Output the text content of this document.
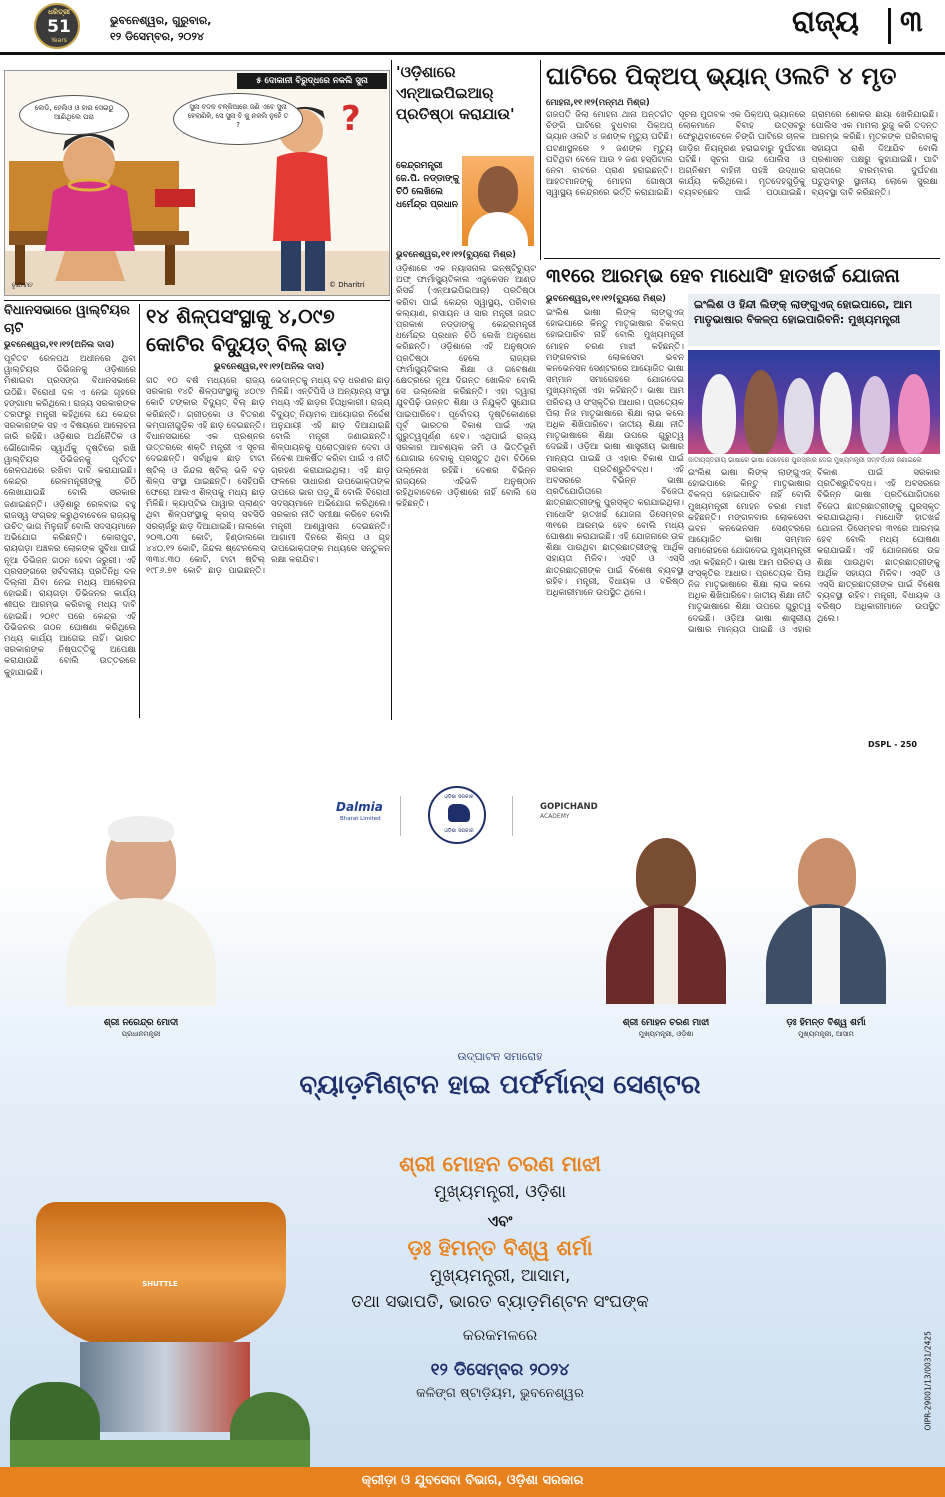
ଧରିତ୍ରୀ
51
Years
ଭୁବନେଶ୍ୱର, ଗୁରୁବାର,
୧୨ ଡିସେମ୍ବର, ୨୦୨୪	ରାଜ୍ୟ ୩
୫ ଦୋକାନୀ ବିରୁଦ୍ଧରେ ନକଲି ସୁନା
ଲେଡି, ହେଲିଓ ଓ ହାର ସେଇଠୁ ଆଣିଥିଲେ ପରା
ସୁନା ବଦଳ ବଳ୍କିଆରେ ଜଣି ଏବେ ସୁନା ହେଲାଣିକି, ସେ ସୁନା ବି କୁ ନକଲି ନୁହେଁ ତ ?	?
ବୃନ୍ଦାବନ	© Dharitri
'ଓଡ଼ିଶାରେ ଏନ୍‌ଆଇପିଇଆର୍ ପ୍ରତିଷ୍ଠା କରାଯାଉ'
କେନ୍ଦ୍ରମନ୍ତ୍ରୀ ଜେ.ପି. ନଡ୍ଡାଙ୍କୁ ଚିଠି ଲେଖିଲେ ଧର୍ମେନ୍ଦ୍ର ପ୍ରଧାନ
ଭୁବନେଶ୍ୱର,୧୧।୧୨(ବ୍ୟୁରୋ ମିଶ୍ର)
ଓଡ଼ିଶାରେ ଏକ ନ୍ୟାସନାଲ ଇନ୍‌ଷ୍ଟିଚ୍ୟୁଟ ଅଫ୍ ଫାର୍ମାସ୍ୟୁଟିକାଲ ଏଜୁକେସନ ଆଣ୍ଡ ରିସର୍ଚ୍ଚ (ଏନ୍‌ଆଇପିଇଆର୍) ପ୍ରତିଷ୍ଠା କରିବା ପାଇଁ କେନ୍ଦ୍ର ସ୍ୱାସ୍ଥ୍ୟ, ପରିବାର କଲ୍ୟାଣ, ରସାୟନ ଓ ସାର ମନ୍ତ୍ରୀ ଜଗତ ପ୍ରକାଶ ନଡ୍ଡାଙ୍କୁ କେନ୍ଦ୍ରମନ୍ତ୍ରୀ ଧର୍ମେନ୍ଦ୍ର ପ୍ରଧାନ ଚିଠି ଲେଖି ଅନୁରୋଧ କରିଛନ୍ତି। ଓଡ଼ିଶାରେ ଏହି ଅନୁଷ୍ଠାନ ପ୍ରତିଷ୍ଠା ହେଲେ ରାଜ୍ୟର ଫାର୍ମାସ୍ୟୁଟିକାଲ ଶିକ୍ଷା ଓ ଗବେଷଣା କ୍ଷେତ୍ରରେ ନୂଆ ଦିଗନ୍ତ ଖୋଲିବ ବୋଲି ସେ ଉଲ୍ଲେଖ କରିଛନ୍ତି। ଏହା ଦ୍ୱାରା ଯୁବପିଢ଼ି ଉନ୍ନତ ଶିକ୍ଷା ଓ ନିଯୁକ୍ତି ସୁଯୋଗ ପାଇପାରିବେ। ପୂର୍ବୋଦୟ ଦୃଷ୍ଟିକୋଣରେ ପୂର୍ବ ଭାରତର ବିକାଶ ପାଇଁ ଏହା ଗୁରୁତ୍ୱପୂର୍ଣ୍ଣ ହେବ। ଏଥିପାଇଁ ରାଜ୍ୟ ସରକାର ଆବଶ୍ୟକ ଜମି ଓ ଭିତ୍ତିଭୂମି ଯୋଗାଇ ଦେବାକୁ ପ୍ରସ୍ତୁତ ଥିବା ଚିଠିରେ ଉଲ୍ଲେଖ ରହିଛି। ଦେଶର ବିଭିନ୍ନ ରାଜ୍ୟରେ ଏହିଭଳି ଅନୁଷ୍ଠାନ ରହିଥିବାବେଳେ ଓଡ଼ିଶାରେ ନାହିଁ ବୋଲି ସେ କହିଛନ୍ତି।
ଘାଟିରେ ପିକ୍‌ଅପ୍ ଭ୍ୟାନ୍ ଓଲଟି ୪ ମୃତ
ମୋହନା,୧୧।୧୨(ମନ୍ମଥ ମିଶ୍ର)
ଗଜପତି ଜିଲା ମୋହନା ଥାନା ଅନ୍ତର୍ଗତ ଚିଙ୍ଗି ଘାଟିରେ ବୁଧବାର ପିକ୍‌ଅପ୍ ଭ୍ୟାନ ଓଲଟି ୪ ଜଣଙ୍କ ମୃତ୍ୟୁ ଘଟିଛି। ଘଟଣାସ୍ଥଳରେ ୨ ଜଣଙ୍କ ମୃତ୍ୟୁ ଘଟିଥିବା ବେଳେ ଆଉ ୨ ଜଣ ହସ୍ପିଟାଲ ନେବା ବାଟରେ ପ୍ରାଣ ହରାଇଛନ୍ତି। ଆହତମାନଙ୍କୁ ମୋହନା ଗୋଷ୍ଠୀ ସ୍ୱାସ୍ଥ୍ୟ କେନ୍ଦ୍ରରେ ଭର୍ତ୍ତି କରାଯାଇଛି। ସୂଚନା ମୁତାବକ ଏକ ପିକ୍‌ଅପ୍ ଭ୍ୟାନରେ ଲୋକମାନେ ବିବାହ ଉତ୍ସବରୁ ଫେରୁଥିବାବେଳେ ଚିଙ୍ଗି ଘାଟିରେ ଚାଳକ ଗାଡ଼ିର ନିୟନ୍ତ୍ରଣ ହରାଇବାରୁ ଦୁର୍ଘଟଣା ଘଟିଛି। ସୂଚନା ପାଇ ପୋଲିସ ଓ ଅଗ୍ନିଶମ ବାହିନୀ ପହଞ୍ଚି ଉଦ୍ଧାର କାର୍ଯ୍ୟ କରିଥିଲେ। ମୃତଦେହଗୁଡ଼ିକୁ ବ୍ୟବଚ୍ଛେଦ ପାଇଁ ପଠାଯାଇଛି। ଗ୍ରାମରେ ଶୋକର ଛାୟା ଖେଳିଯାଇଛି। ପୋଲିସ ଏକ ମାମଲା ରୁଜୁ କରି ତଦନ୍ତ ଆରମ୍ଭ କରିଛି। ମୃତକଙ୍କ ପରିବାରକୁ ସହାୟତା ରାଶି ଦିଆଯିବ ବୋଲି ପ୍ରଶାସନ ପକ୍ଷରୁ କୁହାଯାଇଛି। ଘାଟି ରାସ୍ତାରେ ବାରମ୍ବାର ଦୁର୍ଘଟଣା ଘଟୁଥିବାରୁ ସ୍ଥାନୀୟ ଲୋକେ ସୁରକ୍ଷା ବ୍ୟବସ୍ଥା ଦାବି କରିଛନ୍ତି।
୩୧ରେ ଆରମ୍ଭ ହେବ ମାଧୋସିଂ ହାତଖର୍ଚ୍ଚ ଯୋଜନା
ଭୁବନେଶ୍ୱର,୧୧।୧୨(ବ୍ୟୁରୋ ମିଶ୍ର)	ଇଂଲିଶ ଓ ହିନ୍ଦୀ ଲିଙ୍କ୍ ଲାଙ୍ଗୁଏଜ୍ ହୋଇପାରେ, ଆମ ମାତୃଭାଷାର ବିକଳ୍ପ ହୋଇପାରିବନି: ମୁଖ୍ୟମନ୍ତ୍ରୀ
ଇଂଲିଶ ଭାଷା ଲିଙ୍କ୍ ଲାଙ୍ଗୁଏଜ୍ ହୋଇପାରେ କିନ୍ତୁ ମାତୃଭାଷାର ବିକଳ୍ପ ହୋଇପାରିବ ନାହିଁ ବୋଲି ମୁଖ୍ୟମନ୍ତ୍ରୀ ମୋହନ ଚରଣ ମାଝୀ କହିଛନ୍ତି। ମଙ୍ଗଳବାର ଲୋକସେବା ଭବନ କନଭେନସନ ସେଣ୍ଟରରେ ଆୟୋଜିତ ଭାଷା ସମ୍ମାନ ସମାରୋହରେ ଯୋଗଦେଇ ମୁଖ୍ୟମନ୍ତ୍ରୀ ଏହା କହିଛନ୍ତି। ଭାଷା ଆମ ପରିଚୟ ଓ ସଂସ୍କୃତିର ଆଧାର। ପ୍ରତ୍ୟେକ ପିଲା ନିଜ ମାତୃଭାଷାରେ ଶିକ୍ଷା ଲାଭ କଲେ ଅଧିକ ଶିଖିପାରିବେ। ଜାତୀୟ ଶିକ୍ଷା ନୀତି ମାତୃଭାଷାରେ ଶିକ୍ଷା ଉପରେ ଗୁରୁତ୍ୱ ଦେଇଛି। ଓଡ଼ିଆ ଭାଷା ଶାସ୍ତ୍ରୀୟ ଭାଷାର ମାନ୍ୟତା ପାଇଛି ଓ ଏହାର ବିକାଶ ପାଇଁ ସରକାର ପ୍ରତିଶ୍ରୁତିବଦ୍ଧ। ଏହି ଅବସରରେ ବିଭିନ୍ନ ଭାଷା ପ୍ରତିଯୋଗିତାରେ ବିଜେତା ଛାତ୍ରଛାତ୍ରୀଙ୍କୁ ପୁରସ୍କୃତ କରାଯାଇଥିଲା। ମାଧୋସିଂ ହାତଖର୍ଚ୍ଚ ଯୋଜନା ଡିସେମ୍ବର ୩୧ରେ ଆରମ୍ଭ ହେବ ବୋଲି ମଧ୍ୟ ଘୋଷଣା କରାଯାଇଛି। ଏହି ଯୋଜନାରେ ଉଚ୍ଚ ଶିକ୍ଷା ପାଉଥିବା ଛାତ୍ରଛାତ୍ରୀଙ୍କୁ ଆର୍ଥିକ ସହାୟତା ମିଳିବ। ଏସ୍‌ଟି ଓ ଏସ୍‌ସି ଛାତ୍ରଛାତ୍ରୀଙ୍କ ପାଇଁ ବିଶେଷ ବ୍ୟବସ୍ଥା ରହିବ। ମନ୍ତ୍ରୀ, ବିଧାୟକ ଓ ବରିଷ୍ଠ ଅଧିକାରୀମାନେ ଉପସ୍ଥିତ ଥିଲେ।
ଜାତୀୟସ୍ତରୀୟ ଭାଷାରେ ଭାଷା ସେବେରେ ପୁରସ୍କାର ଦେଇ ମୁଖ୍ୟମନ୍ତ୍ରୀ ସମ୍ବର୍ଦ୍ଧନା ଜଣାଇଲେ
ଇଂଲିଶ ଭାଷା ଲିଙ୍କ୍ ଲାଙ୍ଗୁଏଜ୍ ହୋଇପାରେ କିନ୍ତୁ ମାତୃଭାଷାର ବିକଳ୍ପ ହୋଇପାରିବ ନାହିଁ ବୋଲି ମୁଖ୍ୟମନ୍ତ୍ରୀ ମୋହନ ଚରଣ ମାଝୀ କହିଛନ୍ତି। ମଙ୍ଗଳବାର ଲୋକସେବା ଭବନ କନଭେନସନ ସେଣ୍ଟରରେ ଆୟୋଜିତ ଭାଷା ସମ୍ମାନ ସମାରୋହରେ ଯୋଗଦେଇ ମୁଖ୍ୟମନ୍ତ୍ରୀ ଏହା କହିଛନ୍ତି। ଭାଷା ଆମ ପରିଚୟ ଓ ସଂସ୍କୃତିର ଆଧାର। ପ୍ରତ୍ୟେକ ପିଲା ନିଜ ମାତୃଭାଷାରେ ଶିକ୍ଷା ଲାଭ କଲେ ଅଧିକ ଶିଖିପାରିବେ। ଜାତୀୟ ଶିକ୍ଷା ନୀତି ମାତୃଭାଷାରେ ଶିକ୍ଷା ଉପରେ ଗୁରୁତ୍ୱ ଦେଇଛି। ଓଡ଼ିଆ ଭାଷା ଶାସ୍ତ୍ରୀୟ ଭାଷାର ମାନ୍ୟତା ପାଇଛି ଓ ଏହାର ବିକାଶ ପାଇଁ ସରକାର ପ୍ରତିଶ୍ରୁତିବଦ୍ଧ। ଏହି ଅବସରରେ ବିଭିନ୍ନ ଭାଷା ପ୍ରତିଯୋଗିତାରେ ବିଜେତା ଛାତ୍ରଛାତ୍ରୀଙ୍କୁ ପୁରସ୍କୃତ କରାଯାଇଥିଲା। ମାଧୋସିଂ ହାତଖର୍ଚ୍ଚ ଯୋଜନା ଡିସେମ୍ବର ୩୧ରେ ଆରମ୍ଭ ହେବ ବୋଲି ମଧ୍ୟ ଘୋଷଣା କରାଯାଇଛି। ଏହି ଯୋଜନାରେ ଉଚ୍ଚ ଶିକ୍ଷା ପାଉଥିବା ଛାତ୍ରଛାତ୍ରୀଙ୍କୁ ଆର୍ଥିକ ସହାୟତା ମିଳିବ। ଏସ୍‌ଟି ଓ ଏସ୍‌ସି ଛାତ୍ରଛାତ୍ରୀଙ୍କ ପାଇଁ ବିଶେଷ ବ୍ୟବସ୍ଥା ରହିବ। ମନ୍ତ୍ରୀ, ବିଧାୟକ ଓ ବରିଷ୍ଠ ଅଧିକାରୀମାନେ ଉପସ୍ଥିତ ଥିଲେ।
ବିଧାନସଭାରେ ୱାଲ୍ଟିୟର ଚାଟି
ଭୁବନେଶ୍ୱର,୧୧।୧୨(ଅନିଲ ଦାସ)
ପୂର୍ବତଟ ରେଳପଥ ଅଧୀନରେ ଥିବା ୱାଲ୍ଟିୟର ଡିଭିଜନକୁ ଓଡ଼ିଶାରେ ମିଶାଇବା ପ୍ରସଙ୍ଗ ବିଧାନସଭାରେ ଉଠିଛି। ବିରୋଧୀ ଦଳ ଏ ନେଇ ଗୃହରେ ହଙ୍ଗାମା କରିଥିଲେ। ରାଜ୍ୟ ସରକାରଙ୍କ ତରଫରୁ ମନ୍ତ୍ରୀ କହିଥିଲେ ଯେ କେନ୍ଦ୍ର ସରକାରଙ୍କ ସହ ଏ ବିଷୟରେ ଆଲୋଚନା ଜାରି ରହିଛି। ଓଡ଼ିଶାର ଅର୍ଥନୈତିକ ଓ ଭୌଗୋଳିକ ସ୍ୱାର୍ଥକୁ ଦୃଷ୍ଟିରେ ରଖି ୱାଲ୍ଟିୟର ଡିଭିଜନକୁ ପୂର୍ବତଟ ରେଳପଥରେ ରଖିବା ଦାବି କରାଯାଇଛି। କେନ୍ଦ୍ର ରେଳମନ୍ତ୍ରୀଙ୍କୁ ଚିଠି ଲେଖାଯାଇଛି ବୋଲି ସରକାର ଜଣାଇଛନ୍ତି। ଓଡ଼ିଶାରୁ ରେଳବାଇ ବହୁ ରାଜସ୍ୱ ସଂଗ୍ରହ କରୁଥିବାବେଳେ ରାଜ୍ୟକୁ ଉଚିତ୍ ଭାଗ ମିଳୁନାହିଁ ବୋଲି ସଦସ୍ୟମାନେ ଅଭିଯୋଗ କରିଛନ୍ତି। କୋରାପୁଟ, ରାୟଗଡ଼ା ଅଞ୍ଚଳର ଲୋକଙ୍କ ସୁବିଧା ପାଇଁ ନୂଆ ଡିଭିଜନ ଗଠନ ହେବା ଜରୁରୀ। ଏହି ପ୍ରସଙ୍ଗରେ ସର୍ବଦଳୀୟ ପ୍ରତିନିଧି ଦଳ ଦିଲ୍ଲୀ ଯିବା ନେଇ ମଧ୍ୟ ଆଲୋଚନା ହୋଇଛି। ରାୟଗଡ଼ା ଡିଭିଜନର କାର୍ଯ୍ୟ ଶୀଘ୍ର ଆରମ୍ଭ କରିବାକୁ ମଧ୍ୟ ଦାବି ହୋଇଛି। ୨୦୧୯ ପରେ କେନ୍ଦ୍ର ଏହି ଡିଭିଜନର ଗଠନ ଘୋଷଣା କରିଥିଲେ ମଧ୍ୟ କାର୍ଯ୍ୟ ଆଗେଇ ନାହିଁ। ଭାରତ ସରକାରଙ୍କ ନିଷ୍ପତ୍ତିକୁ ଅପେକ୍ଷା କରାଯାଉଛି ବୋଲି ଉତ୍ତରରେ କୁହାଯାଇଛି।
୧୪ ଶିଳ୍ପସଂସ୍ଥାକୁ ୪,୦୯୭
କୋଟିର ବିଦ୍ୟୁତ୍ ବିଲ୍ ଛାଡ଼
ଭୁବନେଶ୍ୱର,୧୧।୧୨(ଅନିଲ ଦାସ)
ଗତ ୧୦ ବର୍ଷ ମଧ୍ୟରେ ରାଜ୍ୟ ସରକାର ୧୪ଟି ଶିଳ୍ପସଂସ୍ଥାକୁ ୪୦୯୭ କୋଟି ଟଙ୍କାର ବିଦ୍ୟୁତ୍ ବିଲ୍ ଛାଡ଼ କରିଛନ୍ତି। ଗ୍ରୀଡ୍‌କୋ ଓ ବିତରଣ କମ୍ପାନୀଗୁଡ଼ିକ ଏହି ଛାଡ଼ ଦେଇଛନ୍ତି। ବିଧାନସଭାରେ ଏକ ପ୍ରଶ୍ନର ଉତ୍ତରରେ ଶକ୍ତି ମନ୍ତ୍ରୀ ଏ ସୂଚନା ଦେଇଛନ୍ତି। ସର୍ବାଧିକ ଛାଡ଼ ଟାଟା ଷ୍ଟିଲ୍ ଓ ଜିନ୍ଦଲ ଷ୍ଟିଲ୍ ଭଳି ବଡ଼ ଶିଳ୍ପ ସଂସ୍ଥା ପାଇଛନ୍ତି। ସେହିପରି ଫେରୋ ଆଲଏ ଶିଳ୍ପକୁ ମଧ୍ୟ ଛାଡ଼ ମିଳିଛି। କ୍ୟାପ୍‌ଟିଭ ପାୱାର ପ୍ଲାଣ୍ଟ ଥିବା ଶିଳ୍ପସଂସ୍ଥାକୁ କ୍ରସ୍ ସବସିଡି ସରଚାର୍ଜରୁ ଛାଡ଼ ଦିଆଯାଇଛି। ନାଲକୋ ୨୦୩.୦୩ କୋଟି, ହିଣ୍ଡାଲକୋ ୪୪୦.୧୨ କୋଟି, ଜିନ୍ଦଲ ଷ୍ଟେନଲେସ୍ ୩୩୪.୩୦ କୋଟି, ଟାଟା ଷ୍ଟିଲ୍ ୧୯୮୬.୭୧ କୋଟି ଛାଡ଼ ପାଇଛନ୍ତି। ଭେଦାନ୍ତକୁ ମଧ୍ୟ ବଡ଼ ଧରଣର ଛାଡ଼ ମିଳିଛି। ଏନ୍‌ଟିପିସି ଓ ଅନ୍ୟାନ୍ୟ ସଂସ୍ଥା ମଧ୍ୟ ଏହି ଛାଡ଼ର ହିତାଧିକାରୀ। ରାଜ୍ୟ ବିଦ୍ୟୁତ୍ ନିୟାମକ ଆୟୋଗର ନିର୍ଦ୍ଦେଶ ଅନୁଯାୟୀ ଏହି ଛାଡ଼ ଦିଆଯାଇଛି ବୋଲି ମନ୍ତ୍ରୀ ଜଣାଇଛନ୍ତି। ଶିଳ୍ପାୟନକୁ ପ୍ରୋତ୍ସାହନ ଦେବା ଓ ନିବେଶ ଆକର୍ଷିତ କରିବା ପାଇଁ ଏ ନୀତି ଗ୍ରହଣ କରାଯାଇଥିଲା। ଏହି ଛାଡ଼ ଫଳରେ ସାଧାରଣ ଉପଭୋକ୍ତାଙ୍କ ଉପରେ ଭାର ପଡ଼ୁଛି ବୋଲି ବିରୋଧୀ ସଦସ୍ୟମାନେ ଅଭିଯୋଗ କରିଥିଲେ। ସରକାର ନୀତି ସମୀକ୍ଷା କରିବେ ବୋଲି ମନ୍ତ୍ରୀ ଆଶ୍ୱାସନା ଦେଇଛନ୍ତି। ଆଗାମୀ ଦିନରେ ଶିଳ୍ପ ଓ ଗୃହ ଉପଭୋକ୍ତାଙ୍କ ମଧ୍ୟରେ ସନ୍ତୁଳନ ରକ୍ଷା କରାଯିବ।
DSPL - 250
Dalmia
Bharat Limited
ଓଡ଼ିଶା ସରକାର
ଓଡ଼ିଶା ସରକାର
GOPICHAND
ACADEMY
ଶ୍ରୀ ନରେନ୍ଦ୍ର ମୋଦୀ
ପ୍ରଧାନମନ୍ତ୍ରୀ
ଶ୍ରୀ ମୋହନ ଚରଣ ମାଝୀ
ମୁଖ୍ୟମନ୍ତ୍ରୀ, ଓଡ଼ିଶା
ଡ଼ଃ ହିମନ୍ତ ବିଶ୍ୱ ଶର୍ମା
ମୁଖ୍ୟମନ୍ତ୍ରୀ, ଆସାମ
ଉଦ୍‌ଘାଟନ ସମାରୋହ
ବ୍ୟାଡ଼ମିଣ୍ଟନ ହାଇ ପର୍ଫର୍ମାନ୍ସ ସେଣ୍ଟର
ଶ୍ରୀ ମୋହନ ଚରଣ ମାଝୀ
ମୁଖ୍ୟମନ୍ତ୍ରୀ, ଓଡ଼ିଶା
ଏବଂ
ଡ଼ଃ ହିମନ୍ତ ବିଶ୍ୱ ଶର୍ମା
ମୁଖ୍ୟମନ୍ତ୍ରୀ, ଆସାମ,
ତଥା ସଭାପତି, ଭାରତ ବ୍ୟାଡ଼ମିଣ୍ଟନ ସଂଘଙ୍କ
କରକମଳରେ
୧୨ ଡିସେମ୍ବର ୨୦୨୪
କଳିଙ୍ଗ ଷ୍ଟାଡ଼ିୟମ, ଭୁବନେଶ୍ୱର
SHUTTLE
OIPR-29001/13/0031/2425
କ୍ରୀଡ଼ା ଓ ଯୁବସେବା ବିଭାଗ, ଓଡ଼ିଶା ସରକାର
